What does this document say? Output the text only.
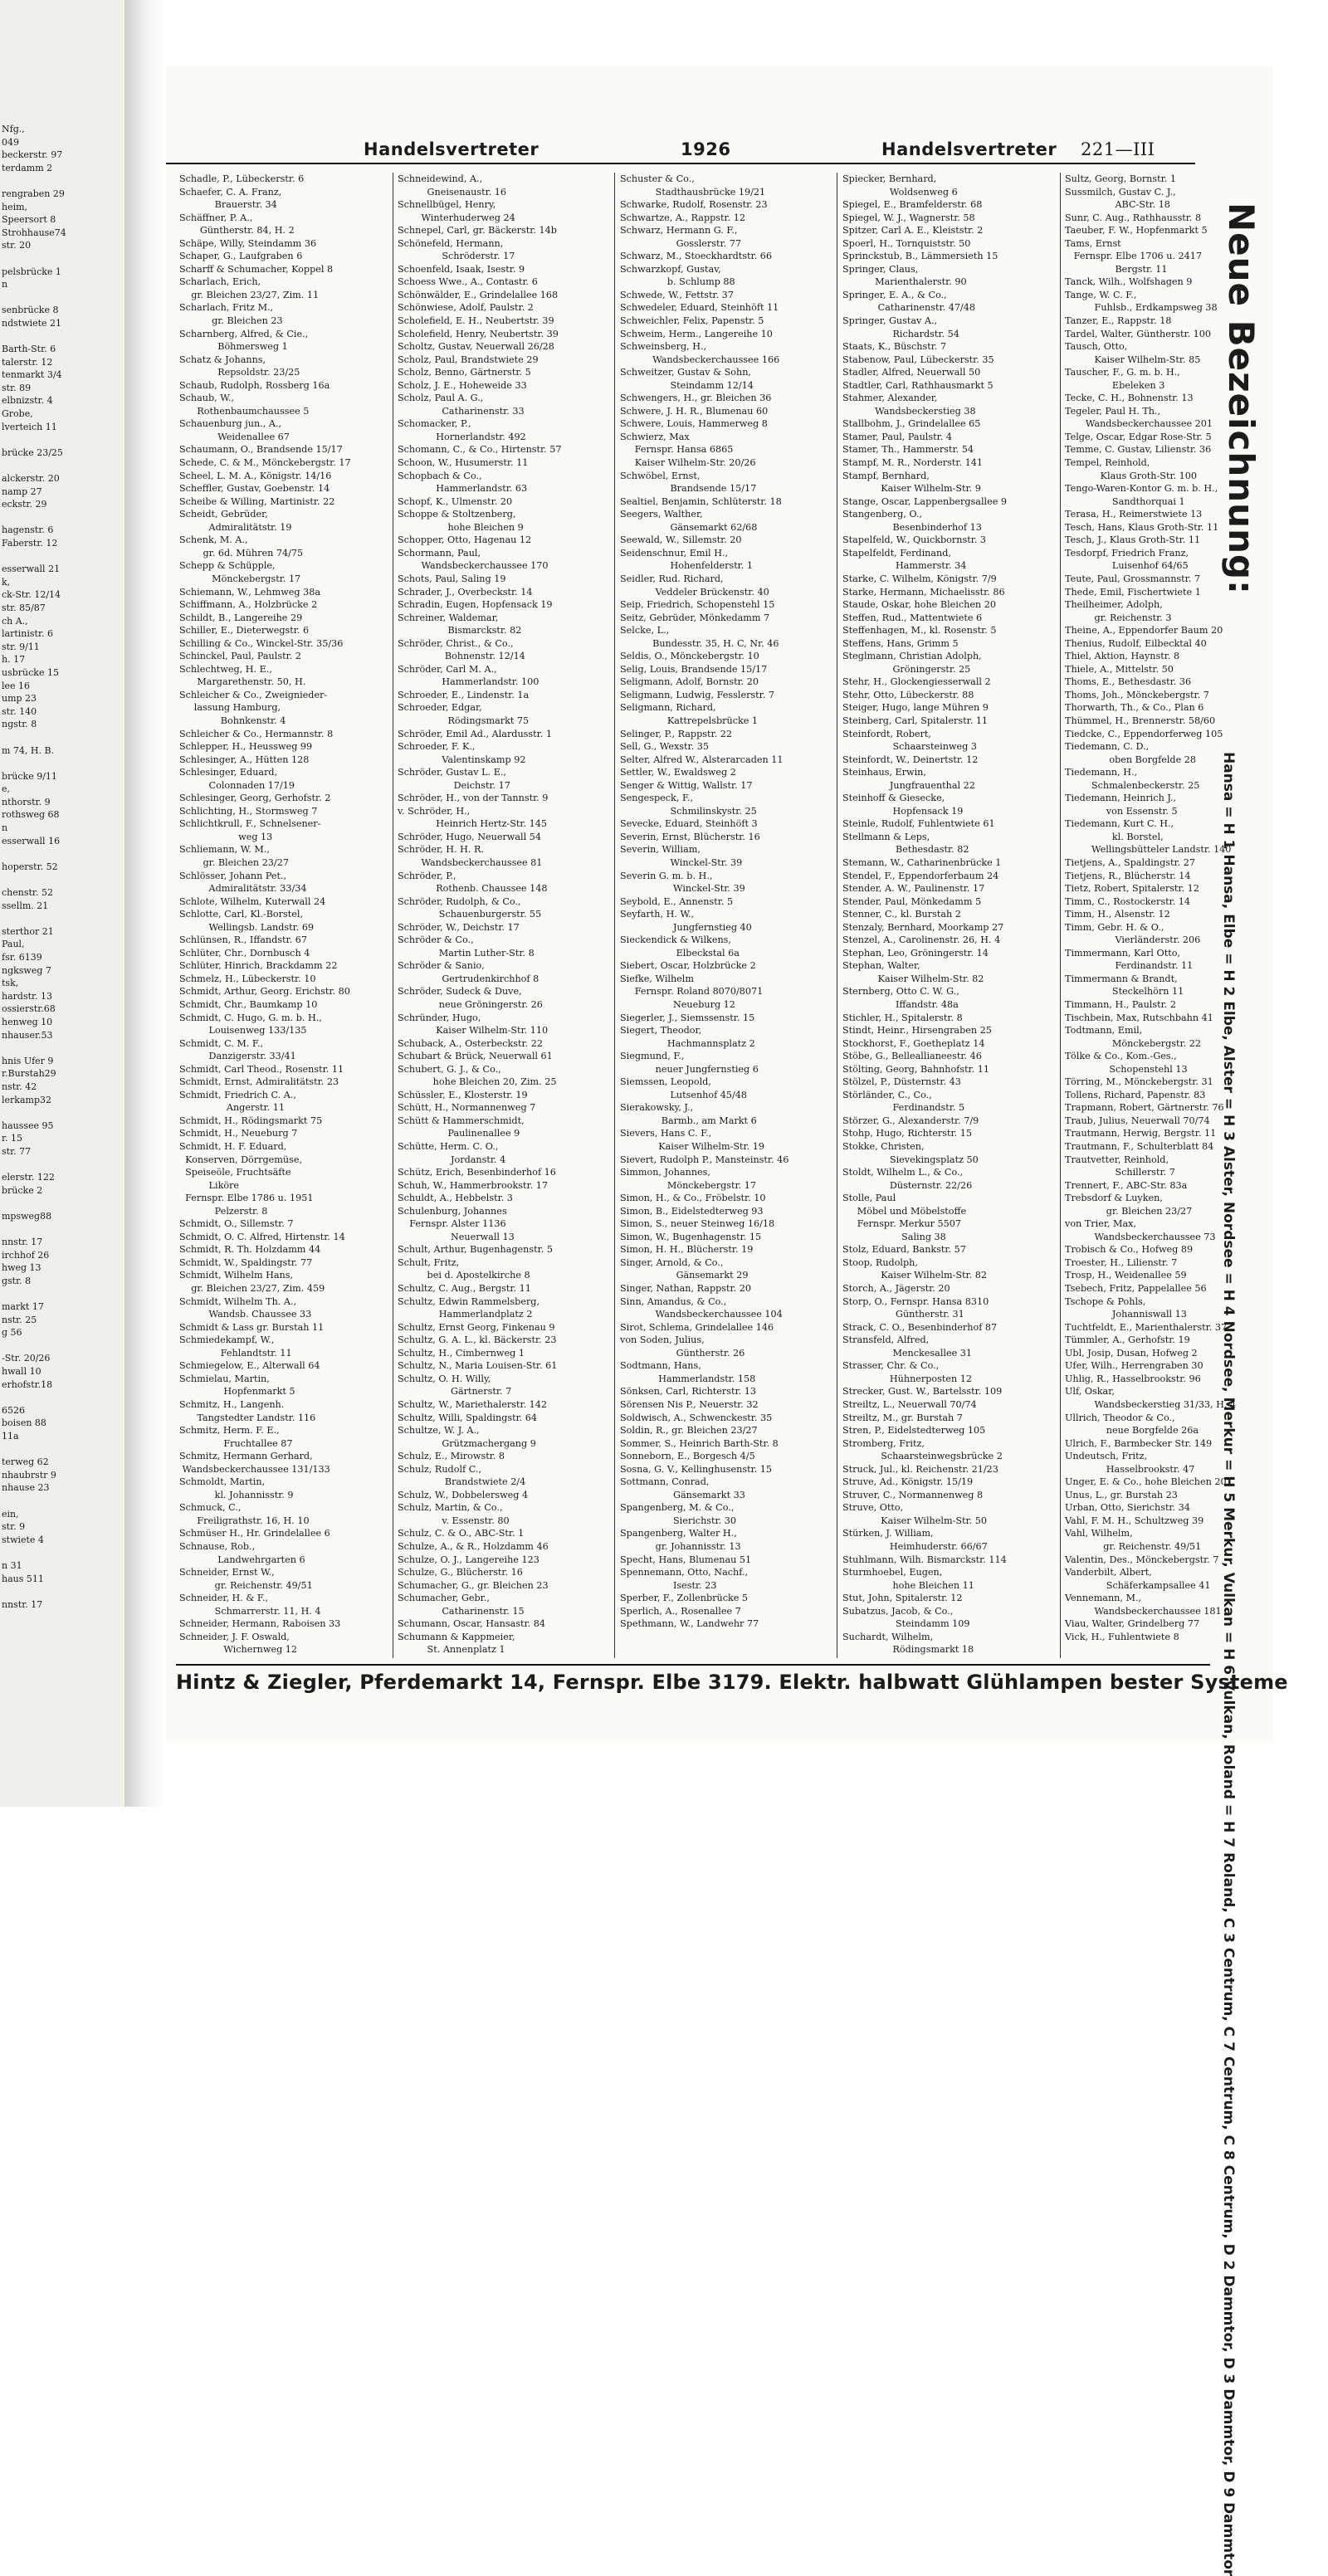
Nfg.,
049
beckerstr. 97
terdamm 2

rengraben 29
heim,
Speersort 8
Strohhause74
str. 20

pelsbrücke 1
n

senbrücke 8
ndstwiete 21

Barth-Str. 6
talerstr. 12
tenmarkt 3/4
str. 89
elbnizstr. 4
Grobe,
lverteich 11

brücke 23/25

alckerstr. 20
namp 27
eckstr. 29

hagenstr. 6
Faberstr. 12

esserwall 21
k,
ck-Str. 12/14
str. 85/87
ch A.,
lartinistr. 6
str. 9/11
h. 17
usbrücke 15
lee 16
ump 23
str. 140
ngstr. 8

m 74, H. B.

brücke 9/11
e,
nthorstr. 9
rothsweg 68
n
esserwall 16

hoperstr. 52

chenstr. 52
ssellm. 21

sterthor 21
Paul,
fsr. 6139
ngksweg 7
tsk,
hardstr. 13
ossierstr.68
henweg 10
nhauser.53

hnis Ufer 9
r.Burstah29
nstr. 42
lerkamp32

haussee 95
r. 15
str. 77

elerstr. 122
brücke 2

mpsweg88

nnstr. 17
irchhof 26
hweg 13
gstr. 8

markt 17
nstr. 25
g 56

-Str. 20/26
hwall 10
erhofstr.18

6526
boisen 88
11a

terweg 62
nhaubrstr 9
nhause 23

ein,
str. 9
stwiete 4

n 31
haus 511

nnstr. 17
Handelsvertreter	1926	Handelsvertreter 221—III
Schadle, P., Lübeckerstr. 6
Schaefer, C. A. Franz,
Brauerstr. 34
Schäffner, P. A.,
Güntherstr. 84, H. 2
Schäpe, Willy, Steindamm 36
Schaper, G., Laufgraben 6
Scharff & Schumacher, Koppel 8
Scharlach, Erich,
gr. Bleichen 23/27, Zim. 11
Scharlach, Fritz M.,
gr. Bleichen 23
Scharnberg, Alfred, & Cie.,
Böhmersweg 1
Schatz & Johanns,
Repsoldstr. 23/25
Schaub, Rudolph, Rossberg 16a
Schaub, W.,
Rothenbaumchaussee 5
Schauenburg jun., A.,
Weidenallee 67
Schaumann, O., Brandsende 15/17
Schede, C. & M., Mönckebergstr. 17
Scheel, L. M. A., Königstr. 14/16
Scheffler, Gustav, Goebenstr. 14
Scheibe & Willing, Martinistr. 22
Scheidt, Gebrüder,
Admiralitätstr. 19
Schenk, M. A.,
gr. 6d. Mühren 74/75
Schepp & Schüpple,
Mönckebergstr. 17
Schiemann, W., Lehmweg 38a
Schiffmann, A., Holzbrücke 2
Schildt, B., Langereihe 29
Schiller, E., Dieterwegstr. 6
Schilling & Co., Winckel-Str. 35/36
Schinckel, Paul, Paulstr. 2
Schlechtweg, H. E.,
Margarethenstr. 50, H.
Schleicher & Co., Zweignieder-
lassung Hamburg,
Bohnkenstr. 4
Schleicher & Co., Hermannstr. 8
Schlepper, H., Heussweg 99
Schlesinger, A., Hütten 128
Schlesinger, Eduard,
Colonnaden 17/19
Schlesinger, Georg, Gerhofstr. 2
Schlichting, H., Stormsweg 7
Schlichtkrull, F., Schnelsener-
weg 13
Schliemann, W. M.,
gr. Bleichen 23/27
Schlösser, Johann Pet.,
Admiralitätstr. 33/34
Schlote, Wilhelm, Kuterwall 24
Schlotte, Carl, Kl.-Borstel,
Wellingsb. Landstr. 69
Schlünsen, R., Iffandstr. 67
Schlüter, Chr., Dornbusch 4
Schlüter, Hinrich, Brackdamm 22
Schmelz, H., Lübeckerstr. 10
Schmidt, Arthur, Georg. Erichstr. 80
Schmidt, Chr., Baumkamp 10
Schmidt, C. Hugo, G. m. b. H.,
Louisenweg 133/135
Schmidt, C. M. F.,
Danzigerstr. 33/41
Schmidt, Carl Theod., Rosenstr. 11
Schmidt, Ernst, Admiralitätstr. 23
Schmidt, Friedrich C. A.,
Angerstr. 11
Schmidt, H., Rödingsmarkt 75
Schmidt, H., Neueburg 7
Schmidt, H. F. Eduard,
Konserven, Dörrgemüse,
Speiseöle, Fruchtsäfte
Liköre
Fernspr. Elbe 1786 u. 1951
Pelzerstr. 8
Schmidt, O., Sillemstr. 7
Schmidt, O. C. Alfred, Hirtenstr. 14
Schmidt, R. Th. Holzdamm 44
Schmidt, W., Spaldingstr. 77
Schmidt, Wilhelm Hans,
gr. Bleichen 23/27, Zim. 459
Schmidt, Wilhelm Th. A.,
Wandsb. Chaussee 33
Schmidt & Lass gr. Burstah 11
Schmiedekampf, W.,
Fehlandtstr. 11
Schmiegelow, E., Alterwall 64
Schmielau, Martin,
Hopfenmarkt 5
Schmitz, H., Langenh.
Tangstedter Landstr. 116
Schmitz, Herm. F. E.,
Fruchtallee 87
Schmitz, Hermann Gerhard,
Wandsbeckerchaussee 131/133
Schmoldt, Martin,
kl. Johannisstr. 9
Schmuck, C.,
Freiligrathstr. 16, H. 10
Schmüser H., Hr. Grindelallee 6
Schnause, Rob.,
Landwehrgarten 6
Schneider, Ernst W.,
gr. Reichenstr. 49/51
Schneider, H. & F.,
Schmarrerstr. 11, H. 4
Schneider, Hermann, Raboisen 33
Schneider, J. F. Oswald,
Wichernweg 12
Schneidewind, A.,
Gneisenaustr. 16
Schnellbügel, Henry,
Winterhuderweg 24
Schnepel, Carl, gr. Bäckerstr. 14b
Schönefeld, Hermann,
Schröderstr. 17
Schoenfeld, Isaak, Isestr. 9
Schoess Wwe., A., Contastr. 6
Schönwälder, E., Grindelallee 168
Schönwiese, Adolf, Paulstr. 2
Scholefield, E. H., Neubertstr. 39
Scholefield, Henry, Neubertstr. 39
Scholtz, Gustav, Neuerwall 26/28
Scholz, Paul, Brandstwiete 29
Scholz, Benno, Gärtnerstr. 5
Scholz, J. E., Hoheweide 33
Scholz, Paul A. G.,
Catharinenstr. 33
Schomacker, P.,
Hornerlandstr. 492
Schomann, C., & Co., Hirtenstr. 57
Schoon, W., Husumerstr. 11
Schopbach & Co.,
Hammerlandstr. 63
Schopf, K., Ulmenstr. 20
Schoppe & Stoltzenberg,
hohe Bleichen 9
Schopper, Otto, Hagenau 12
Schormann, Paul,
Wandsbeckerchaussee 170
Schots, Paul, Saling 19
Schrader, J., Overbeckstr. 14
Schradin, Eugen, Hopfensack 19
Schreiner, Waldemar,
Bismarckstr. 82
Schröder, Christ., & Co.,
Bohnenstr. 12/14
Schröder, Carl M. A.,
Hammerlandstr. 100
Schroeder, E., Lindenstr. 1a
Schroeder, Edgar,
Rödingsmarkt 75
Schröder, Emil Ad., Alardusstr. 1
Schroeder, F. K.,
Valentinskamp 92
Schröder, Gustav L. E.,
Deichstr. 17
Schröder, H., von der Tannstr. 9
v. Schröder, H.,
Heinrich Hertz-Str. 145
Schröder, Hugo, Neuerwall 54
Schröder, H. H. R.
Wandsbeckerchaussee 81
Schröder, P.,
Rothenb. Chaussee 148
Schröder, Rudolph, & Co.,
Schauenburgerstr. 55
Schröder, W., Deichstr. 17
Schröder & Co.,
Martin Luther-Str. 8
Schröder & Sanio,
Gertrudenkirchhof 8
Schröder, Sudeck & Duve,
neue Gröningerstr. 26
Schründer, Hugo,
Kaiser Wilhelm-Str. 110
Schuback, A., Osterbeckstr. 22
Schubart & Brück, Neuerwall 61
Schubert, G. J., & Co.,
hohe Bleichen 20, Zim. 25
Schüssler, E., Klosterstr. 19
Schütt, H., Normannenweg 7
Schütt & Hammerschmidt,
Paulinenallee 9
Schütte, Herm. C. O.,
Jordanstr. 4
Schütz, Erich, Besenbinderhof 16
Schuh, W., Hammerbrookstr. 17
Schuldt, A., Hebbelstr. 3
Schulenburg, Johannes
Fernspr. Alster 1136
Neuerwall 13
Schult, Arthur, Bugenhagenstr. 5
Schult, Fritz,
bei d. Apostelkirche 8
Schultz, C. Aug., Bergstr. 11
Schultz, Edwin Rammelsberg,
Hammerlandplatz 2
Schultz, Ernst Georg, Finkenau 9
Schultz, G. A. L., kl. Bäckerstr. 23
Schultz, H., Cimbernweg 1
Schultz, N., Maria Louisen-Str. 61
Schultz, O. H. Willy,
Gärtnerstr. 7
Schultz, W., Mariethalerstr. 142
Schultz, Willi, Spaldingstr. 64
Schultze, W. J. A.,
Grützmachergang 9
Schulz, E., Mirowstr. 8
Schulz, Rudolf C.,
Brandstwiete 2/4
Schulz, W., Dobbelersweg 4
Schulz, Martin, & Co.,
v. Essenstr. 80
Schulz, C. & O., ABC-Str. 1
Schulze, A., & R., Holzdamm 46
Schulze, O. J., Langereihe 123
Schulze, G., Blücherstr. 16
Schumacher, G., gr. Bleichen 23
Schumacher, Gebr.,
Catharinenstr. 15
Schumann, Oscar, Hansastr. 84
Schumann & Kappmeier,
St. Annenplatz 1
Schuster & Co.,
Stadthausbrücke 19/21
Schwarke, Rudolf, Rosenstr. 23
Schwartze, A., Rappstr. 12
Schwarz, Hermann G. F.,
Gosslerstr. 77
Schwarz, M., Stoeckhardtstr. 66
Schwarzkopf, Gustav,
b. Schlump 88
Schwede, W., Fettstr. 37
Schwedeler, Eduard, Steinhöft 11
Schweichler, Felix, Papenstr. 5
Schweim, Herm., Langereihe 10
Schweinsberg, H.,
Wandsbeckerchaussee 166
Schweitzer, Gustav & Sohn,
Steindamm 12/14
Schwengers, H., gr. Bleichen 36
Schwere, J. H. R., Blumenau 60
Schwere, Louis, Hammerweg 8
Schwierz, Max
Fernspr. Hansa 6865
Kaiser Wilhelm-Str. 20/26
Schwöbel, Ernst,
Brandsende 15/17
Sealtiel, Benjamin, Schlüterstr. 18
Seegers, Walther,
Gänsemarkt 62/68
Seewald, W., Sillemstr. 20
Seidenschnur, Emil H.,
Hohenfelderstr. 1
Seidler, Rud. Richard,
Veddeler Brückenstr. 40
Seip, Friedrich, Schopenstehl 15
Seitz, Gebrüder, Mönkedamm 7
Selcke, L.,
Bundesstr. 35, H. C, Nr. 46
Seldis, O., Mönckebergstr. 10
Selig, Louis, Brandsende 15/17
Seligmann, Adolf, Bornstr. 20
Seligmann, Ludwig, Fesslerstr. 7
Seligmann, Richard,
Kattrepelsbrücke 1
Selinger, P., Rappstr. 22
Sell, G., Wexstr. 35
Selter, Alfred W., Alsterarcaden 11
Settler, W., Ewaldsweg 2
Senger & Wittig, Wallstr. 17
Sengespeck, F.,
Schmilinskystr. 25
Sevecke, Eduard, Steinhöft 3
Severin, Ernst, Blücherstr. 16
Severin, William,
Winckel-Str. 39
Severin G. m. b. H.,
Winckel-Str. 39
Seybold, E., Annenstr. 5
Seyfarth, H. W.,
Jungfernstieg 40
Sieckendick & Wilkens,
Elbeckstal 6a
Siebert, Oscar, Holzbrücke 2
Siefke, Wilhelm
Fernspr. Roland 8070/8071
Neueburg 12
Siegerler, J., Siemssenstr. 15
Siegert, Theodor,
Hachmannsplatz 2
Siegmund, F.,
neuer Jungfernstieg 6
Siemssen, Leopold,
Lutsenhof 45/48
Sierakowsky, J.,
Barmb., am Markt 6
Sievers, Hans C. F.,
Kaiser Wilhelm-Str. 19
Sievert, Rudolph P., Mansteinstr. 46
Simmon, Johannes,
Mönckebergstr. 17
Simon, H., & Co., Fröbelstr. 10
Simon, B., Eidelstedterweg 93
Simon, S., neuer Steinweg 16/18
Simon, W., Bugenhagenstr. 15
Simon, H. H., Blücherstr. 19
Singer, Arnold, & Co.,
Gänsemarkt 29
Singer, Nathan, Rappstr. 20
Sinn, Amandus, & Co.,
Wandsbeckerchaussee 104
Sirot, Schlema, Grindelallee 146
von Soden, Julius,
Güntherstr. 26
Sodtmann, Hans,
Hammerlandstr. 158
Sönksen, Carl, Richterstr. 13
Sörensen Nis P., Neuerstr. 32
Soldwisch, A., Schwenckestr. 35
Soldin, R., gr. Bleichen 23/27
Sommer, S., Heinrich Barth-Str. 8
Sonneborn, E., Borgesch 4/5
Sosna, G. V., Kellinghusenstr. 15
Sottmann, Conrad,
Gänsemarkt 33
Spangenberg, M. & Co.,
Sierichstr. 30
Spangenberg, Walter H.,
gr. Johannisstr. 13
Specht, Hans, Blumenau 51
Spennemann, Otto, Nachf.,
Isestr. 23
Sperber, F., Zollenbrücke 5
Sperlich, A., Rosenallee 7
Spethmann, W., Landwehr 77
Spiecker, Bernhard,
Woldsenweg 6
Spiegel, E., Bramfelderstr. 68
Spiegel, W. J., Wagnerstr. 58
Spitzer, Carl A. E., Kleiststr. 2
Spoerl, H., Tornquiststr. 50
Sprinckstub, B., Lämmersieth 15
Springer, Claus,
Marienthalerstr. 90
Springer, E. A., & Co.,
Catharinenstr. 47/48
Springer, Gustav A.,
Richardstr. 54
Staats, K., Büschstr. 7
Stabenow, Paul, Lübeckerstr. 35
Stadler, Alfred, Neuerwall 50
Stadtler, Carl, Rathhausmarkt 5
Stahmer, Alexander,
Wandsbeckerstieg 38
Stallbohm, J., Grindelallee 65
Stamer, Paul, Paulstr. 4
Stamer, Th., Hammerstr. 54
Stampf, M. R., Norderstr. 141
Stampf, Bernhard,
Kaiser Wilhelm-Str. 9
Stange, Oscar, Lappenbergsallee 9
Stangenberg, O.,
Besenbinderhof 13
Stapelfeld, W., Quickbornstr. 3
Stapelfeldt, Ferdinand,
Hammerstr. 34
Starke, C. Wilhelm, Königstr. 7/9
Starke, Hermann, Michaelisstr. 86
Staude, Oskar, hohe Bleichen 20
Steffen, Rud., Mattentwiete 6
Steffenhagen, M., kl. Rosenstr. 5
Steffens, Hans, Grimm 5
Steglmann, Christian Adolph,
Gröningerstr. 25
Stehr, H., Glockengiesserwall 2
Stehr, Otto, Lübeckerstr. 88
Steiger, Hugo, lange Mühren 9
Steinberg, Carl, Spitalerstr. 11
Steinfordt, Robert,
Schaarsteinweg 3
Steinfordt, W., Deinertstr. 12
Steinhaus, Erwin,
Jungfrauenthal 22
Steinhoff & Giesecke,
Hopfensack 19
Steinle, Rudolf, Fuhlentwiete 61
Stellmann & Leps,
Bethesdastr. 82
Stemann, W., Catharinenbrücke 1
Stendel, F., Eppendorferbaum 24
Stender, A. W., Paulinenstr. 17
Stender, Paul, Mönkedamm 5
Stenner, C., kl. Burstah 2
Stenzaly, Bernhard, Moorkamp 27
Stenzel, A., Carolinenstr. 26, H. 4
Stephan, Leo, Gröningerstr. 14
Stephan, Walter,
Kaiser Wilhelm-Str. 82
Sternberg, Otto C. W. G.,
Iffandstr. 48a
Stichler, H., Spitalerstr. 8
Stindt, Heinr., Hirsengraben 25
Stockhorst, F., Goetheplatz 14
Stöbe, G., Belleallianeestr. 46
Stölting, Georg, Bahnhofstr. 11
Stölzel, P., Düsternstr. 43
Störländer, C., Co.,
Ferdinandstr. 5
Störzer, G., Alexanderstr. 7/9
Stohp, Hugo, Richterstr. 15
Stokke, Christen,
Sievekingsplatz 50
Stoldt, Wilhelm L., & Co.,
Düsternstr. 22/26
Stolle, Paul
Möbel und Möbelstoffe
Fernspr. Merkur 5507
Saling 38
Stolz, Eduard, Bankstr. 57
Stoop, Rudolph,
Kaiser Wilhelm-Str. 82
Storch, A., Jägerstr. 20
Storp, O., Fernspr. Hansa 8310
Güntherstr. 31
Strack, C. O., Besenbinderhof 87
Stransfeld, Alfred,
Menckesallee 31
Strasser, Chr. & Co.,
Hühnerposten 12
Strecker, Gust. W., Bartelsstr. 109
Streiltz, L., Neuerwall 70/74
Streiltz, M., gr. Burstah 7
Stren, P., Eidelstedterweg 105
Stromberg, Fritz,
Schaarsteinwegsbrücke 2
Struck, Jul., kl. Reichenstr. 21/23
Struve, Ad., Königstr. 15/19
Struver, C., Normannenweg 8
Struve, Otto,
Kaiser Wilhelm-Str. 50
Stürken, J. William,
Heimhuderstr. 66/67
Stuhlmann, Wilh. Bismarckstr. 114
Sturmhoebel, Eugen,
hohe Bleichen 11
Stut, John, Spitalerstr. 12
Subatzus, Jacob, & Co.,
Steindamm 109
Suchardt, Wilhelm,
Rödingsmarkt 18
Sultz, Georg, Bornstr. 1
Sussmilch, Gustav C. J.,
ABC-Str. 18
Sunr, C. Aug., Rathhausstr. 8
Taeuber, F. W., Hopfenmarkt 5
Tams, Ernst
Fernspr. Elbe 1706 u. 2417
Bergstr. 11
Tanck, Wilh., Wolfshagen 9
Tange, W. C. F.,
Fuhlsb., Erdkampsweg 38
Tanzer, E., Rappstr. 18
Tardel, Walter, Güntherstr. 100
Tausch, Otto,
Kaiser Wilhelm-Str. 85
Tauscher, F., G. m. b. H.,
Ebeleken 3
Tecke, C. H., Bohnenstr. 13
Tegeler, Paul H. Th.,
Wandsbeckerchaussee 201
Telge, Oscar, Edgar Rose-Str. 5
Temme, C. Gustav, Lilienstr. 36
Tempel, Reinhold,
Klaus Groth-Str. 100
Tengo-Waren-Kontor G. m. b. H.,
Sandthorquai 1
Terasa, H., Reimerstwiete 13
Tesch, Hans, Klaus Groth-Str. 11
Tesch, J., Klaus Groth-Str. 11
Tesdorpf, Friedrich Franz,
Luisenhof 64/65
Teute, Paul, Grossmannstr. 7
Thede, Emil, Fischertwiete 1
Theilheimer, Adolph,
gr. Reichenstr. 3
Theine, A., Eppendorfer Baum 20
Thenius, Rudolf, Eilbecktal 40
Thiel, Aktion, Haynstr. 8
Thiele, A., Mittelstr. 50
Thoms, E., Bethesdastr. 36
Thoms, Joh., Mönckebergstr. 7
Thorwarth, Th., & Co., Plan 6
Thümmel, H., Brennerstr. 58/60
Tiedcke, C., Eppendorferweg 105
Tiedemann, C. D.,
oben Borgfelde 28
Tiedemann, H.,
Schmalenbeckerstr. 25
Tiedemann, Heinrich J.,
von Essenstr. 5
Tiedemann, Kurt C. H.,
kl. Borstel,
Wellingsbütteler Landstr. 140
Tietjens, A., Spaldingstr. 27
Tietjens, R., Blücherstr. 14
Tietz, Robert, Spitalerstr. 12
Timm, C., Rostockerstr. 14
Timm, H., Alsenstr. 12
Timm, Gebr. H. & O.,
Vierländerstr. 206
Timmermann, Karl Otto,
Ferdinandstr. 11
Timmermann & Brandt,
Steckelhörn 11
Timmann, H., Paulstr. 2
Tischbein, Max, Rutschbahn 41
Todtmann, Emil,
Mönckebergstr. 22
Tölke & Co., Kom.-Ges.,
Schopenstehl 13
Törring, M., Mönckebergstr. 31
Tollens, Richard, Papenstr. 83
Trapmann, Robert, Gärtnerstr. 76
Traub, Julius, Neuerwall 70/74
Trautmann, Herwig, Bergstr. 11
Trautmann, F., Schulterblatt 84
Trautvetter, Reinhold,
Schillerstr. 7
Trennert, F., ABC-Str. 83a
Trebsdorf & Luyken,
gr. Bleichen 23/27
von Trier, Max,
Wandsbeckerchaussee 73
Trobisch & Co., Hofweg 89
Troester, H., Lilienstr. 7
Trosp, H., Weidenallee 59
Tsebech, Fritz, Pappelallee 56
Tschope & Pohls,
Johanniswall 13
Tuchtfeldt, E., Marienthalerstr. 37
Tümmler, A., Gerhofstr. 19
Ubl, Josip, Dusan, Hofweg 2
Ufer, Wilh., Herrengraben 30
Uhlig, R., Hasselbrookstr. 96
Ulf, Oskar,
Wandsbeckerstieg 31/33, H. 4
Ullrich, Theodor & Co.,
neue Borgfelde 26a
Ulrich, F., Barmbecker Str. 149
Undeutsch, Fritz,
Hasselbrookstr. 47
Unger, E. & Co., hohe Bleichen 20
Unus, L., gr. Burstah 23
Urban, Otto, Sierichstr. 34
Vahl, F. M. H., Schultzweg 39
Vahl, Wilhelm,
gr. Reichenstr. 49/51
Valentin, Des., Mönckebergstr. 7
Vanderbilt, Albert,
Schäferkampsallee 41
Vennemann, M.,
Wandsbeckerchaussee 181
Viau, Walter, Grindelberg 77
Vick, H., Fuhlentwiete 8
Neue Bezeichnung:
Hansa = H 1 Hansa, Elbe = H 2 Elbe, Alster = H 3 Alster, Nordsee = H 4 Nordsee, Merkur = H 5 Merkur, Vulkan = H 6 Vulkan, Roland = H 7 Roland, C 3 Centrum, C 7 Centrum, C 8 Centrum, D 2 Dammtor, D 3 Dammtor, D 9 Dammtor
Hintz & Ziegler, Pferdemarkt 14, Fernspr. Elbe 3179. Elektr. halbwatt Glühlampen bester Systeme
